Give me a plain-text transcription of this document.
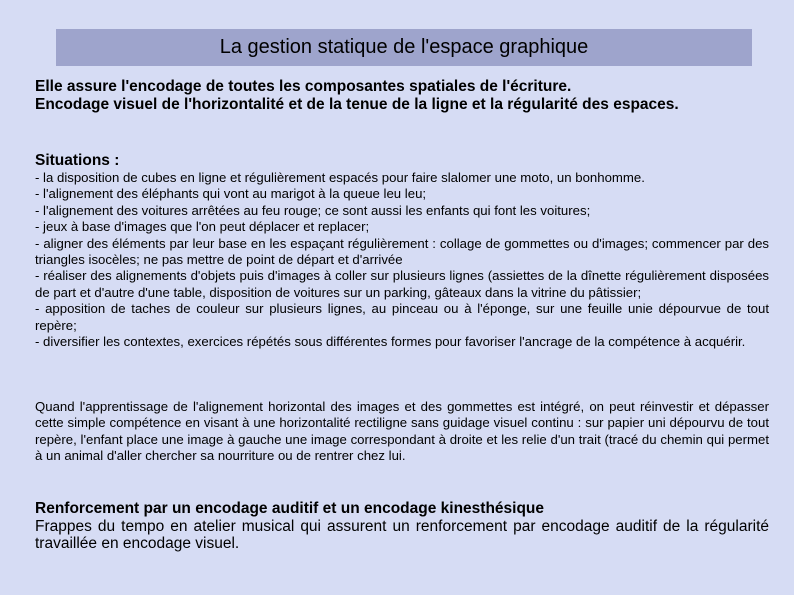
La gestion statique de l'espace graphique
Elle assure l'encodage de toutes les composantes spatiales de l'écriture.
Encodage visuel de l'horizontalité et de la tenue de la ligne et la régularité des espaces.
Situations :

- la disposition de cubes en ligne et régulièrement espacés pour faire slalomer une moto, un bonhomme.

- l'alignement des éléphants qui vont au marigot à la queue leu leu;

- l'alignement des voitures arrêtées au feu rouge; ce sont aussi les enfants qui font les voitures;

- jeux à base d'images que l'on peut déplacer et replacer;

- aligner des éléments par leur base en les espaçant régulièrement : collage de gommettes ou d'images; commencer par des triangles isocèles; ne pas mettre de point de départ et d'arrivée

- réaliser des alignements d'objets puis d'images à coller sur plusieurs lignes (assiettes de la dînette régulièrement disposées de part et d'autre d'une table, disposition de voitures sur un parking, gâteaux dans la vitrine du pâtissier;

- apposition de taches de couleur sur plusieurs lignes, au pinceau ou à l'éponge, sur une feuille unie dépourvue de tout repère;

- diversifier les contextes, exercices répétés sous différentes formes pour favoriser l'ancrage de la compétence à acquérir.

Quand l'apprentissage de l'alignement horizontal des images et des gommettes est intégré, on peut réinvestir et dépasser cette simple compétence en visant à une horizontalité rectiligne sans guidage visuel continu : sur papier uni dépourvu de tout repère, l'enfant place une image à gauche une image correspondant à droite et les relie d'un trait (tracé du chemin qui permet à un animal d'aller chercher sa nourriture ou de rentrer chez lui.

Renforcement par un encodage auditif et un encodage kinesthésique
Frappes du tempo en atelier musical qui assurent un renforcement par encodage auditif de la régularité travaillée en encodage visuel.
